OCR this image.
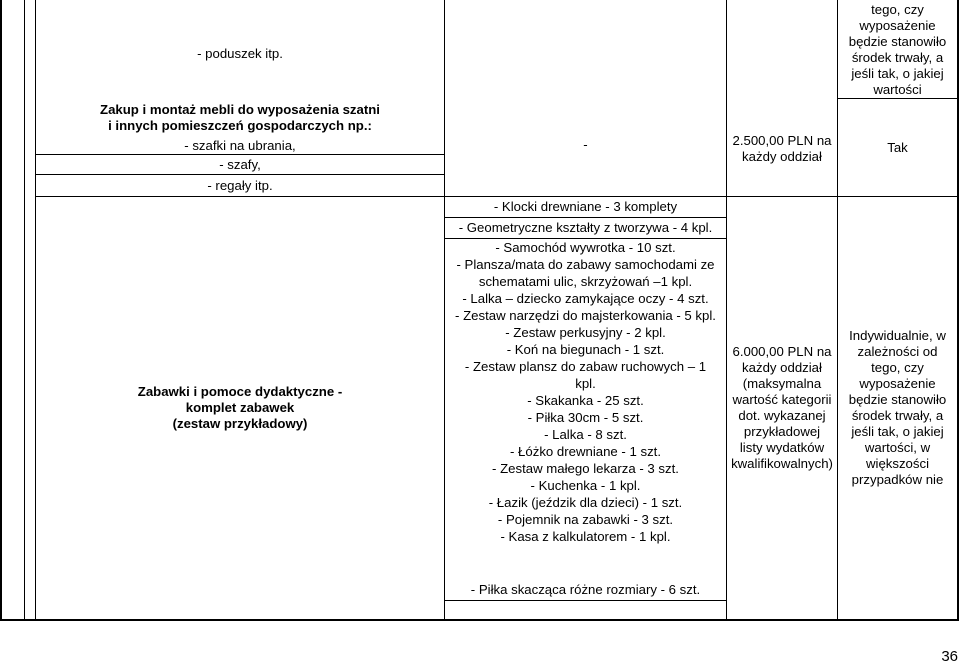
- poduszek itp.
Zakup i montaż mebli do wyposażenia szatni
i innych pomieszczeń gospodarczych np.:
- szafki na ubrania,
- szafy,
- regały itp.
-	2.500,00 PLN na
każdy oddział
tego, czy
wyposażenie
będzie stanowiło
środek trwały, a
jeśli tak, o jakiej
wartości
Tak
Zabawki i pomoce dydaktyczne -
komplet zabawek
(zestaw przykładowy)
- Klocki drewniane - 3 komplety
- Geometryczne kształty z tworzywa - 4 kpl.
- Samochód wywrotka - 10 szt.
- Plansza/mata do zabawy samochodami ze
schematami ulic, skrzyżowań –1 kpl.
- Lalka – dziecko zamykające oczy - 4 szt.
- Zestaw narzędzi do majsterkowania - 5 kpl.
- Zestaw perkusyjny - 2 kpl.
- Koń na biegunach - 1 szt.
- Zestaw plansz do zabaw ruchowych – 1
kpl.
- Skakanka - 25 szt.
- Piłka 30cm - 5 szt.
- Lalka - 8 szt.
- Łóżko drewniane - 1 szt.
- Zestaw małego lekarza - 3 szt.
- Kuchenka - 1 kpl.
- Łazik (jeździk dla dzieci) - 1 szt.
- Pojemnik na zabawki - 3 szt.
- Kasa z kalkulatorem - 1 kpl.
- Piłka skacząca różne rozmiary - 6 szt.
6.000,00 PLN na
każdy oddział
(maksymalna
wartość kategorii
dot. wykazanej
przykładowej
listy wydatków
kwalifikowalnych)
Indywidualnie, w
zależności od
tego, czy
wyposażenie
będzie stanowiło
środek trwały, a
jeśli tak, o jakiej
wartości, w
większości
przypadków nie
36
